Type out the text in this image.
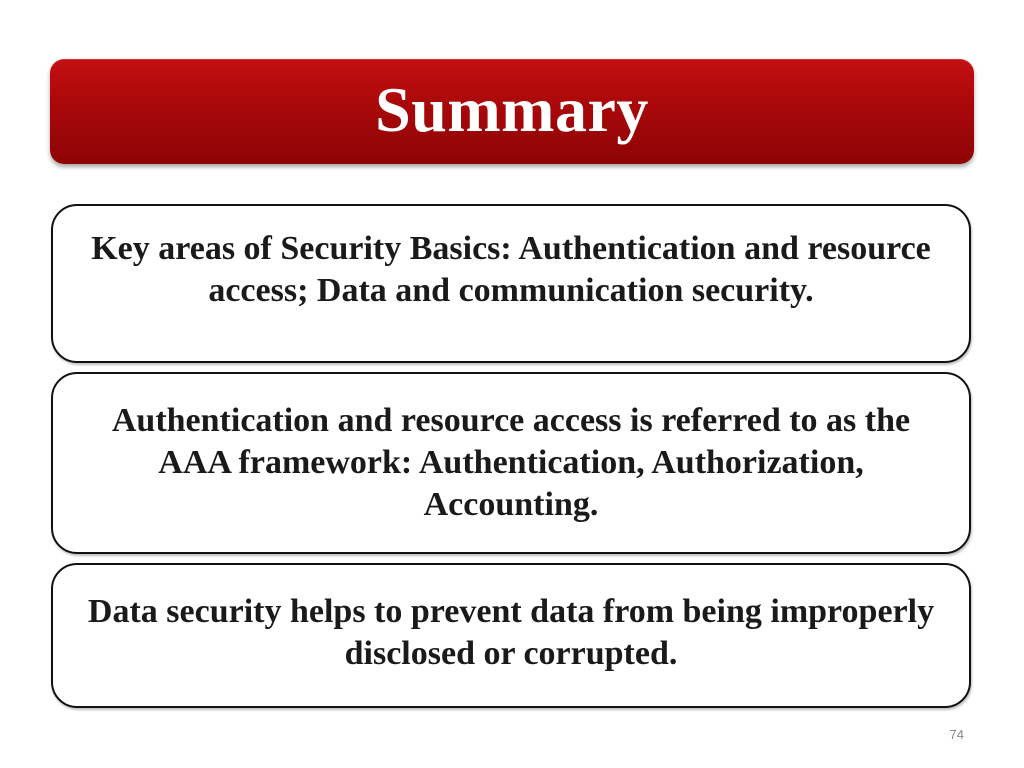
Summary
Key areas of Security Basics: Authentication and resource access; Data and communication security.
Authentication and resource access is referred to as the AAA framework: Authentication, Authorization, Accounting.
Data security helps to prevent data from being improperly disclosed or corrupted.
74
